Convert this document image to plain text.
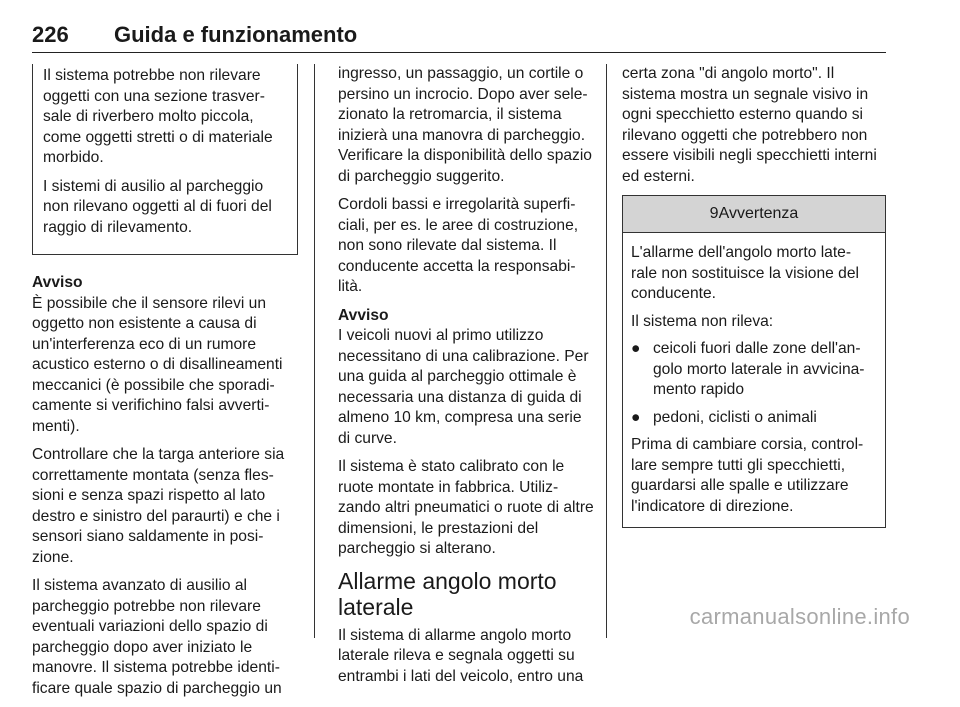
226 Guida e funzionamento

Il sistema potrebbe non rilevare oggetti con una sezione trasver-sale di riverbero molto piccola, come oggetti stretti o di materiale morbido.

I sistemi di ausilio al parcheggio non rilevano oggetti al di fuori del raggio di rilevamento.

Avviso

È possibile che il sensore rilevi un oggetto non esistente a causa di un'interferenza eco di un rumore acustico esterno o di disallineamenti meccanici (è possibile che sporadi-camente si verifichino falsi avverti-menti).

Controllare che la targa anteriore sia correttamente montata (senza fles-sioni e senza spazi rispetto al lato destro e sinistro del paraurti) e che i sensori siano saldamente in posi-zione.

Il sistema avanzato di ausilio al parcheggio potrebbe non rilevare eventuali variazioni dello spazio di parcheggio dopo aver iniziato le manovre. Il sistema potrebbe identi-ficare quale spazio di parcheggio un

ingresso, un passaggio, un cortile o persino un incrocio. Dopo aver sele-zionato la retromarcia, il sistema inizierà una manovra di parcheggio. Verificare la disponibilità dello spazio di parcheggio suggerito.

Cordoli bassi e irregolarità superfi-ciali, per es. le aree di costruzione, non sono rilevate dal sistema. Il conducente accetta la responsabi-lità.

Avviso

I veicoli nuovi al primo utilizzo necessitano di una calibrazione. Per una guida al parcheggio ottimale è necessaria una distanza di guida di almeno 10 km, compresa una serie di curve.

Il sistema è stato calibrato con le ruote montate in fabbrica. Utiliz-zando altri pneumatici o ruote di altre dimensioni, le prestazioni del parcheggio si alterano.

Allarme angolo morto laterale

Il sistema di allarme angolo morto laterale rileva e segnala oggetti su entrambi i lati del veicolo, entro una

certa zona "di angolo morto". Il sistema mostra un segnale visivo in ogni specchietto esterno quando si rilevano oggetti che potrebbero non essere visibili negli specchietti interni ed esterni.

9Avvertenza

L'allarme dell'angolo morto late-rale non sostituisce la visione del conducente.

Il sistema non rileva:

● ceicoli fuori dalle zone dell'an-golo morto laterale in avvicina-mento rapido
● pedoni, ciclisti o animali

Prima di cambiare corsia, control-lare sempre tutti gli specchietti, guardarsi alle spalle e utilizzare l'indicatore di direzione.

carmanualsonline.info
